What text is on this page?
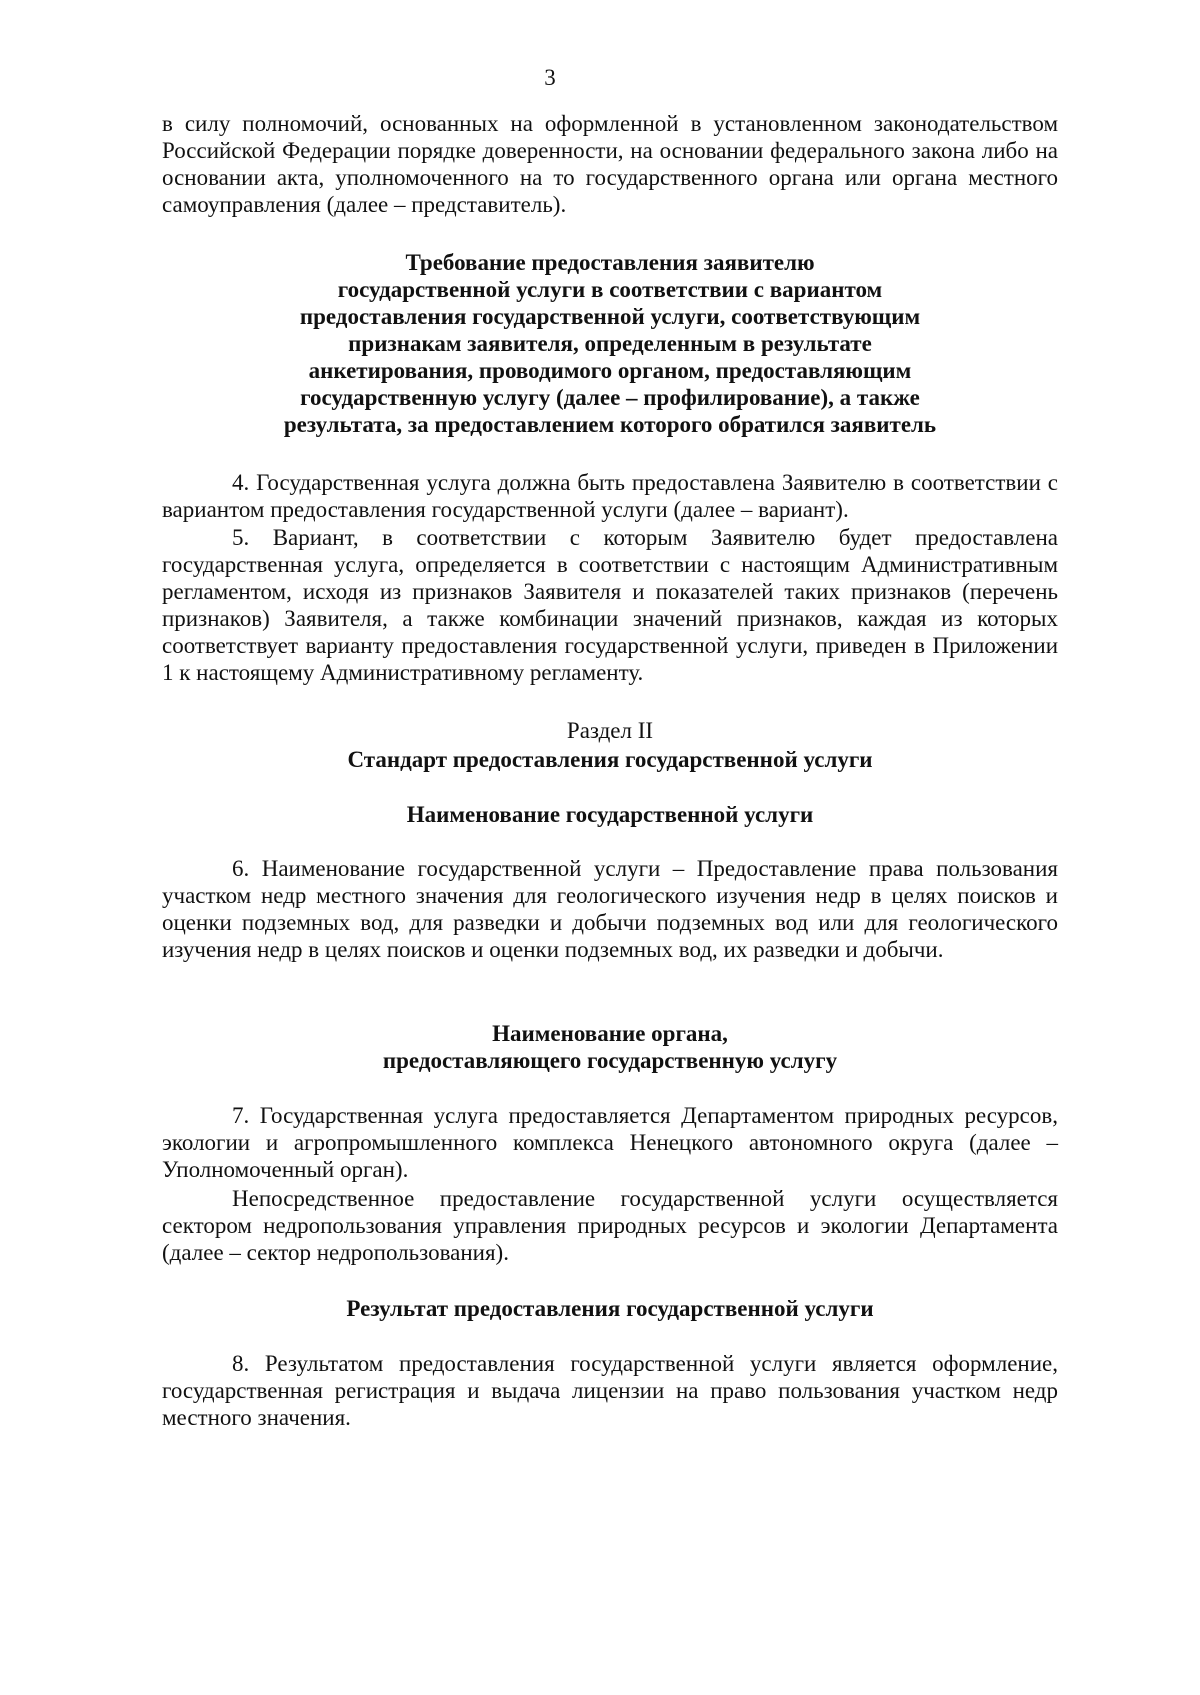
3

в силу полномочий, основанных на оформленной в установленном законодательством Российской Федерации порядке доверенности, на основании федерального закона либо на основании акта, уполномоченного на то государственного органа или органа местного самоуправления (далее – представитель).

Требование предоставления заявителю

государственной услуги в соответствии с вариантом

предоставления государственной услуги, соответствующим

признакам заявителя, определенным в результате

анкетирования, проводимого органом, предоставляющим

государственную услугу (далее – профилирование), а также

результата, за предоставлением которого обратился заявитель

4. Государственная услуга должна быть предоставлена Заявителю в соответствии с вариантом предоставления государственной услуги (далее – вариант).

5. Вариант, в соответствии с которым Заявителю будет предоставлена государственная услуга, определяется в соответствии с настоящим Административным регламентом, исходя из признаков Заявителя и показателей таких признаков (перечень признаков) Заявителя, а также комбинации значений признаков, каждая из которых соответствует варианту предоставления государственной услуги, приведен в Приложении 1 к настоящему Административному регламенту.

Раздел II

Стандарт предоставления государственной услуги

Наименование государственной услуги

6. Наименование государственной услуги – Предоставление права пользования участком недр местного значения для геологического изучения недр в целях поисков и оценки подземных вод, для разведки и добычи подземных вод или для геологического изучения недр в целях поисков и оценки подземных вод, их разведки и добычи.

Наименование органа,

предоставляющего государственную услугу

7. Государственная услуга предоставляется Департаментом природных ресурсов, экологии и агропромышленного комплекса Ненецкого автономного округа (далее – Уполномоченный орган).

Непосредственное предоставление государственной услуги осуществляется сектором недропользования управления природных ресурсов и экологии Департамента (далее – сектор недропользования).

Результат предоставления государственной услуги

8. Результатом предоставления государственной услуги является оформление, государственная регистрация и выдача лицензии на право пользования участком недр местного значения.
